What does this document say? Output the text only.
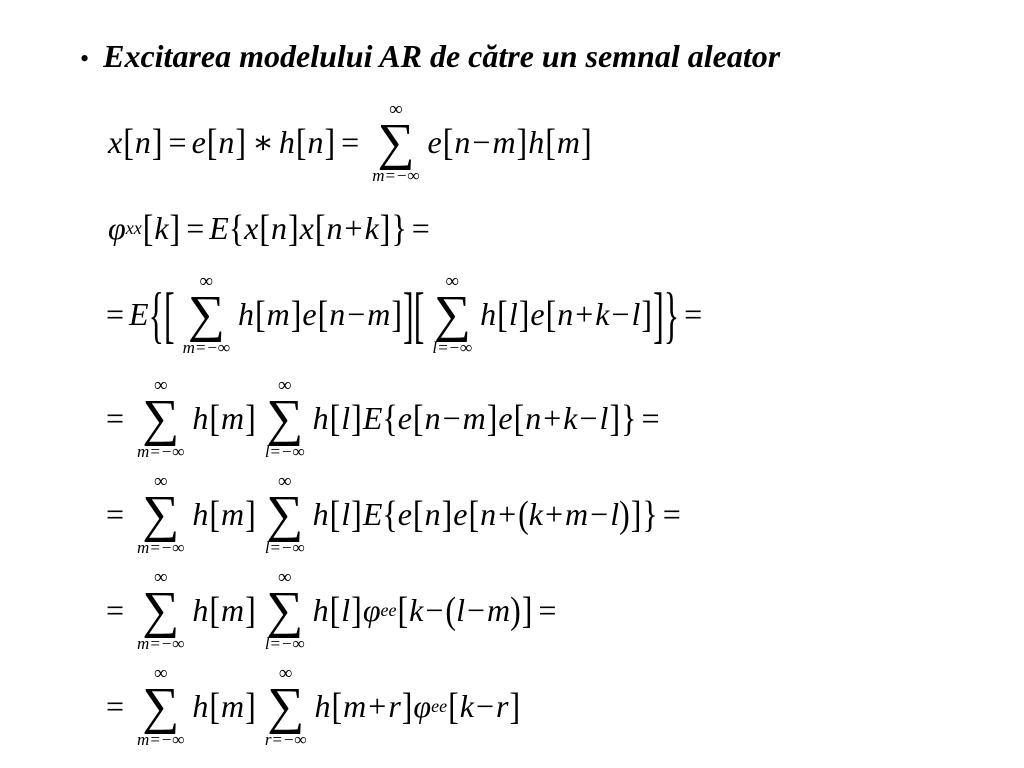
• Excitarea modelului AR de către un semnal aleator
x [ n ] = e [ n ] ∗ h [ n ] =
∞
∑
m=−∞
e [ n − m ] h [ m ]
φ xx [ k ] = E { x [ n ] x [ n + k ] } =
= E { [ ∞
∑
m=−∞
h [ m ] e [ n − m ] ] [ ∞
∑
l=−∞
h [ l ] e [ n + k − l ] ] } =
=
∞
∑
m=−∞
h [ m ]
∞
∑
l=−∞
h [ l ] E { e [ n − m ] e [ n + k − l ] } =
=
∞
∑
m=−∞
h [ m ]
∞
∑
l=−∞
h [ l ] E { e [ n ] e [ n + ( k + m − l ) ] } =
=
∞
∑
m=−∞
h [ m ]
∞
∑
l=−∞
h [ l ] φ ee [ k − ( l − m ) ] =
=
∞
∑
m=−∞
h [ m ]
∞
∑
r=−∞
h [ m + r ] φ ee [ k − r ]
